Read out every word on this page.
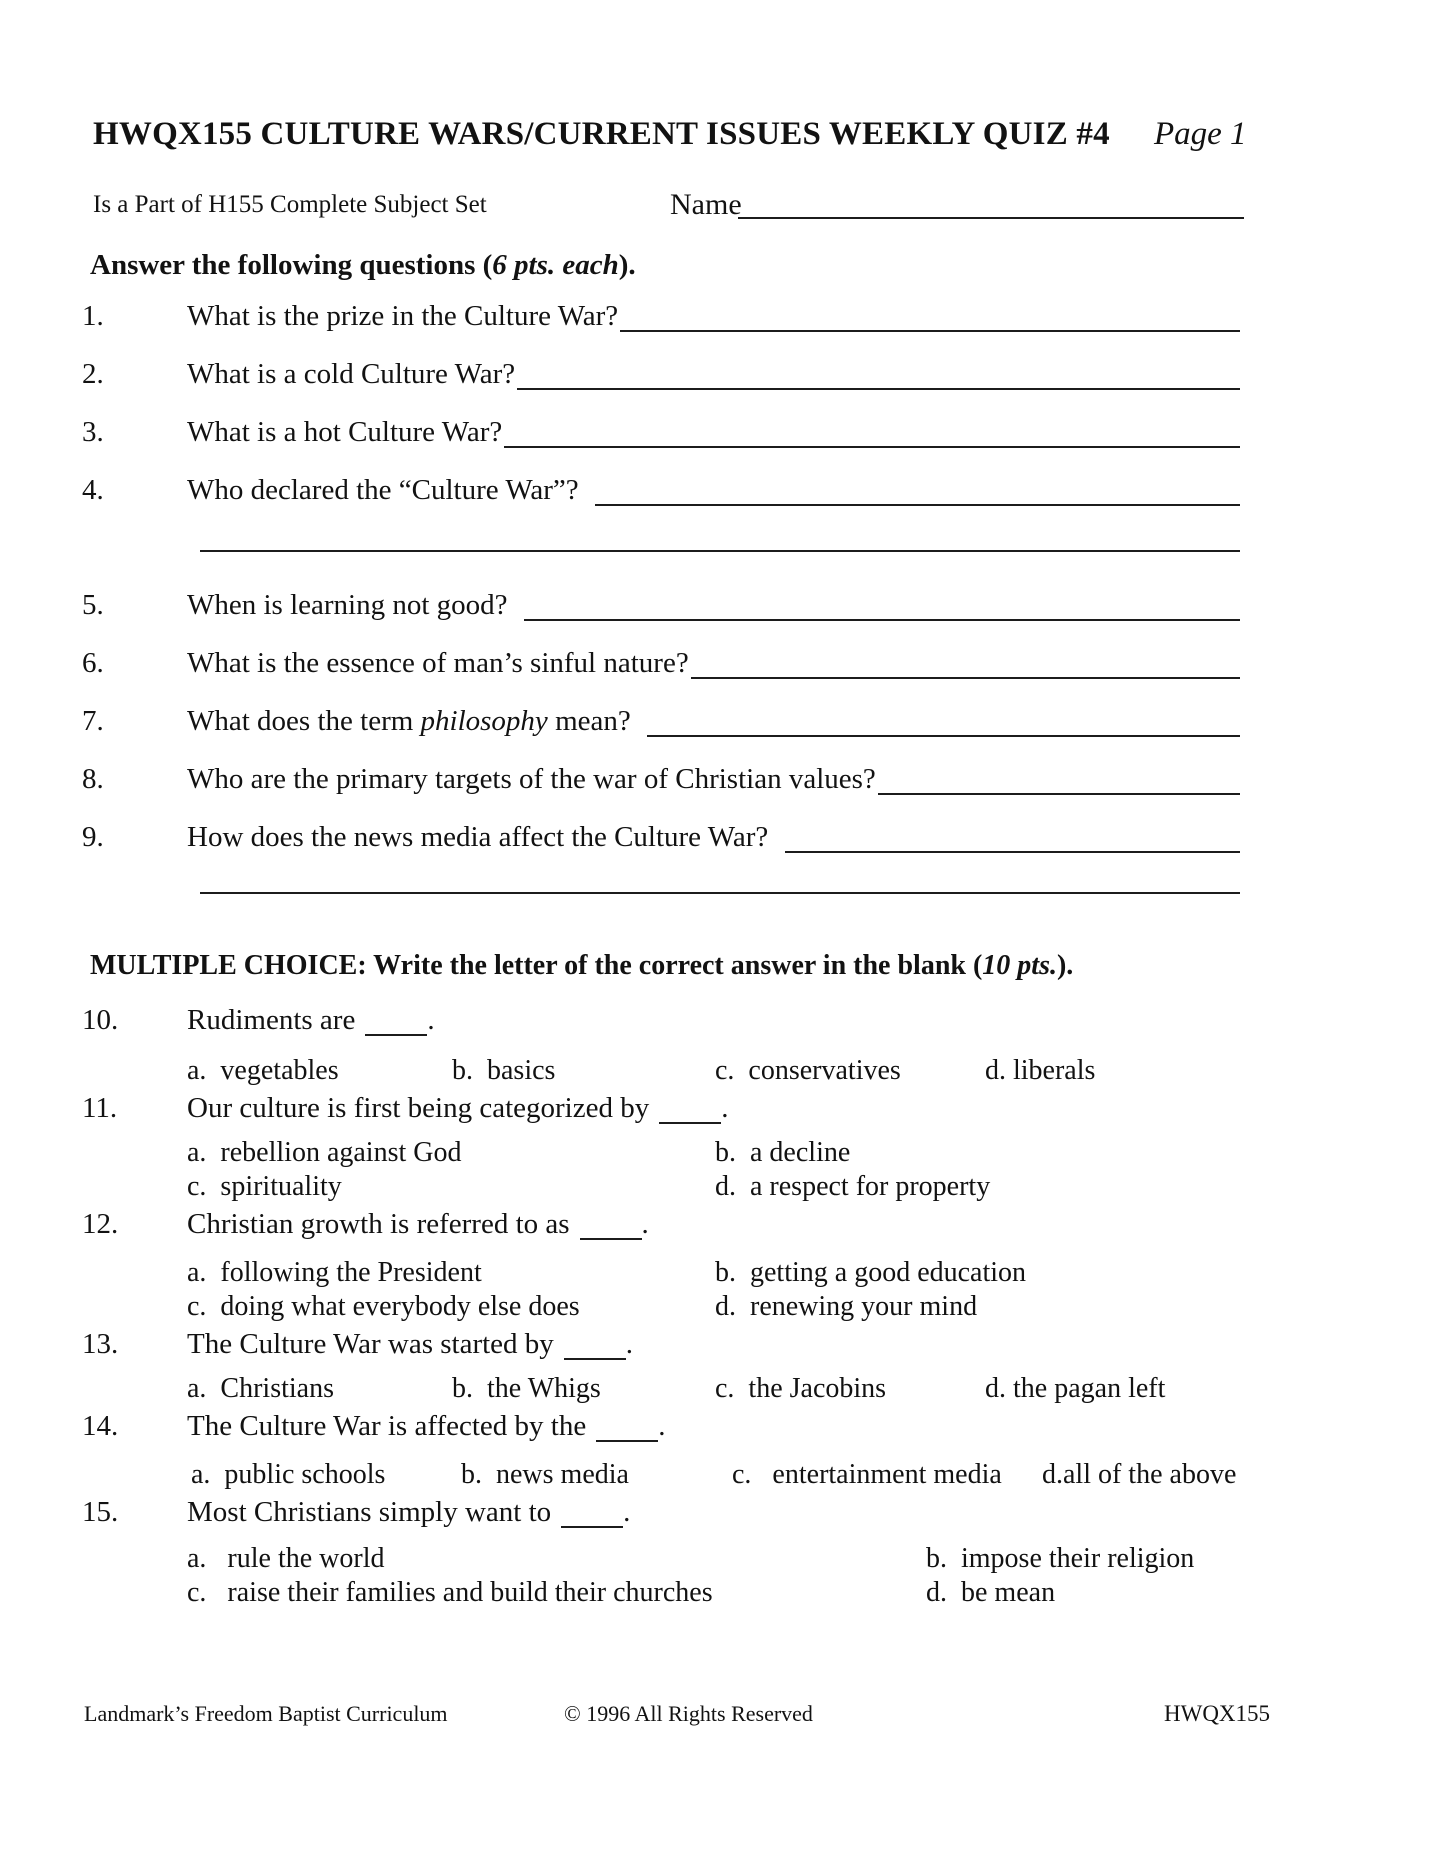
HWQX155 CULTURE WARS/CURRENT ISSUES WEEKLY QUIZ #4 Page 1
Is a Part of H155 Complete Subject Set	Name
Answer the following questions (6 pts. each).
1.	What is the prize in the Culture War?
2.	What is a cold Culture War?
3.	What is a hot Culture War?
4.	Who declared the “Culture War”?
5.	When is learning not good?
6.	What is the essence of man’s sinful nature?
7.	What does the term philosophy mean?
8.	Who are the primary targets of the war of Christian values?
9.	How does the news media affect the Culture War?
MULTIPLE CHOICE: Write the letter of the correct answer in the blank (10 pts.).
10.	Rudiments are .
a.  vegetables	b.  basics	c.  conservatives	d. liberals
11.	Our culture is first being categorized by .
a.  rebellion against God	b.  a decline
c.  spirituality	d.  a respect for property
12.	Christian growth is referred to as .
a.  following the President	b.  getting a good education
c.  doing what everybody else does	d.  renewing your mind
13.	The Culture War was started by .
a.  Christians	b.  the Whigs	c.  the Jacobins	d. the pagan left
14.	The Culture War is affected by the .
a.  public schools	b.  news media	c.   entertainment media d.all of the above
15.	Most Christians simply want to .
a.   rule the world	b.  impose their religion
c.   raise their families and build their churches	d.  be mean
Landmark’s Freedom Baptist Curriculum	© 1996 All Rights Reserved	HWQX155
